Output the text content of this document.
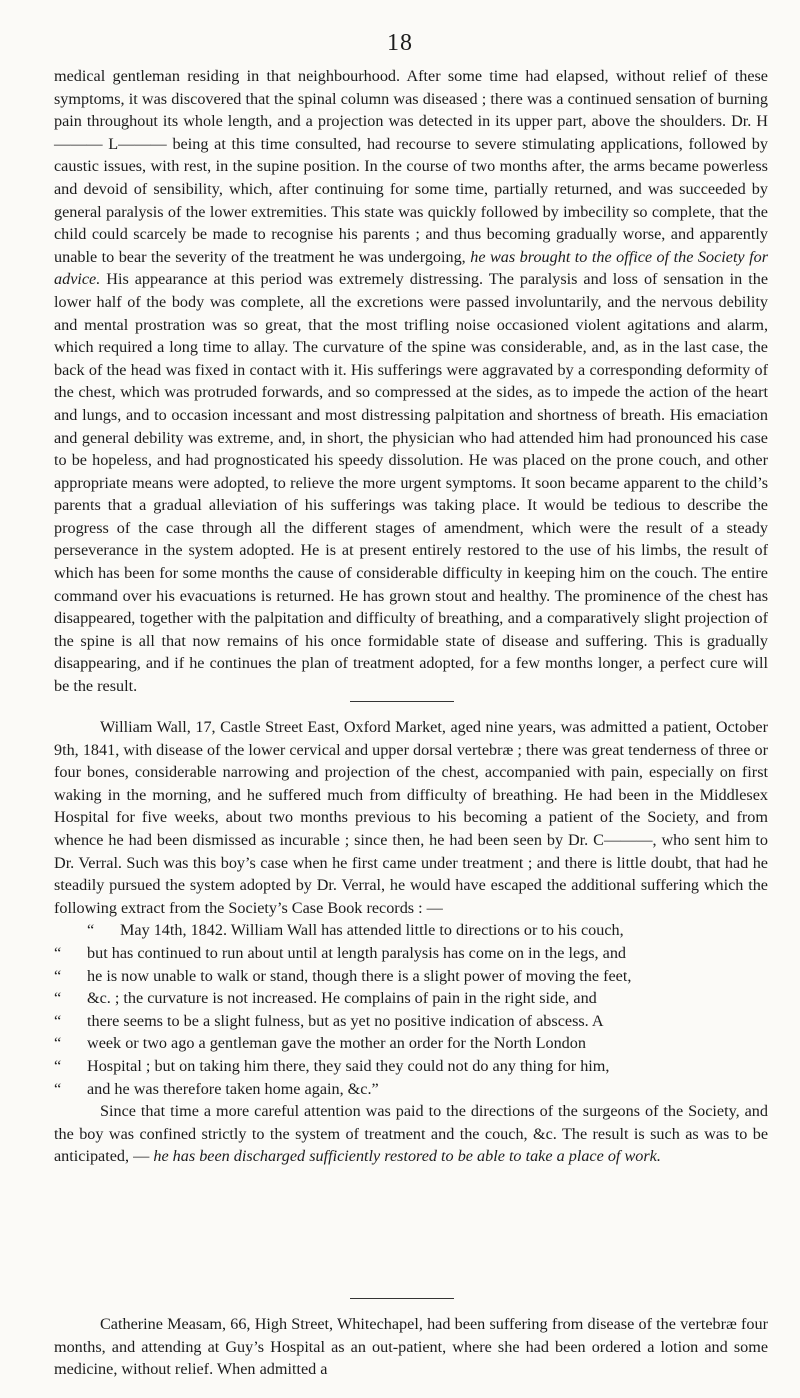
18

medical gentleman residing in that neighbourhood. After some time had elapsed, without relief of these symptoms, it was discovered that the spinal column was diseased ; there was a continued sensation of burning pain throughout its whole length, and a projection was detected in its upper part, above the shoulders. Dr. H——— L——— being at this time consulted, had recourse to severe stimulating applications, followed by caustic issues, with rest, in the supine position. In the course of two months after, the arms became powerless and devoid of sensibility, which, after continuing for some time, partially returned, and was succeeded by general paralysis of the lower extremities. This state was quickly followed by imbecility so complete, that the child could scarcely be made to recognise his parents ; and thus becoming gradually worse, and apparently unable to bear the severity of the treatment he was undergoing, he was brought to the office of the Society for advice. His appearance at this period was extremely distressing. The paralysis and loss of sensation in the lower half of the body was complete, all the excretions were passed involuntarily, and the nervous debility and mental prostration was so great, that the most trifling noise occasioned violent agitations and alarm, which required a long time to allay. The curvature of the spine was considerable, and, as in the last case, the back of the head was fixed in contact with it. His sufferings were aggravated by a corresponding deformity of the chest, which was protruded forwards, and so compressed at the sides, as to impede the action of the heart and lungs, and to occasion incessant and most distressing palpitation and shortness of breath. His emaciation and general debility was extreme, and, in short, the physician who had attended him had pronounced his case to be hopeless, and had prognosticated his speedy dissolution. He was placed on the prone couch, and other appropriate means were adopted, to relieve the more urgent symptoms. It soon became apparent to the child’s parents that a gradual alleviation of his sufferings was taking place. It would be tedious to describe the progress of the case through all the different stages of amendment, which were the result of a steady perseverance in the system adopted. He is at present entirely restored to the use of his limbs, the result of which has been for some months the cause of considerable difficulty in keeping him on the couch. The entire command over his evacuations is returned. He has grown stout and healthy. The prominence of the chest has disappeared, together with the palpitation and difficulty of breathing, and a comparatively slight projection of the spine is all that now remains of his once formidable state of disease and suffering. This is gradually disappearing, and if he continues the plan of treatment adopted, for a few months longer, a perfect cure will be the result.

William Wall, 17, Castle Street East, Oxford Market, aged nine years, was admitted a patient, October 9th, 1841, with disease of the lower cervical and upper dorsal vertebræ ; there was great tenderness of three or four bones, considerable narrowing and projection of the chest, accompanied with pain, especially on first waking in the morning, and he suffered much from difficulty of breathing. He had been in the Middlesex Hospital for five weeks, about two months previous to his becoming a patient of the Society, and from whence he had been dismissed as incurable ; since then, he had been seen by Dr. C———, who sent him to Dr. Verral. Such was this boy’s case when he first came under treatment ; and there is little doubt, that had he steadily pursued the system adopted by Dr. Verral, he would have escaped the additional suffering which the following extract from the Society’s Case Book records : —

“ May 14th, 1842. William Wall has attended little to directions or to his couch,

“ but has continued to run about until at length paralysis has come on in the legs, and

“ he is now unable to walk or stand, though there is a slight power of moving the feet,

“ &c. ; the curvature is not increased. He complains of pain in the right side, and

“ there seems to be a slight fulness, but as yet no positive indication of abscess. A

“ week or two ago a gentleman gave the mother an order for the North London

“ Hospital ; but on taking him there, they said they could not do any thing for him,

“ and he was therefore taken home again, &c.”

Since that time a more careful attention was paid to the directions of the surgeons of the Society, and the boy was confined strictly to the system of treatment and the couch, &c. The result is such as was to be anticipated, — he has been discharged sufficiently restored to be able to take a place of work.

Catherine Measam, 66, High Street, Whitechapel, had been suffering from disease of the vertebræ four months, and attending at Guy’s Hospital as an out-patient, where she had been ordered a lotion and some medicine, without relief. When admitted a
